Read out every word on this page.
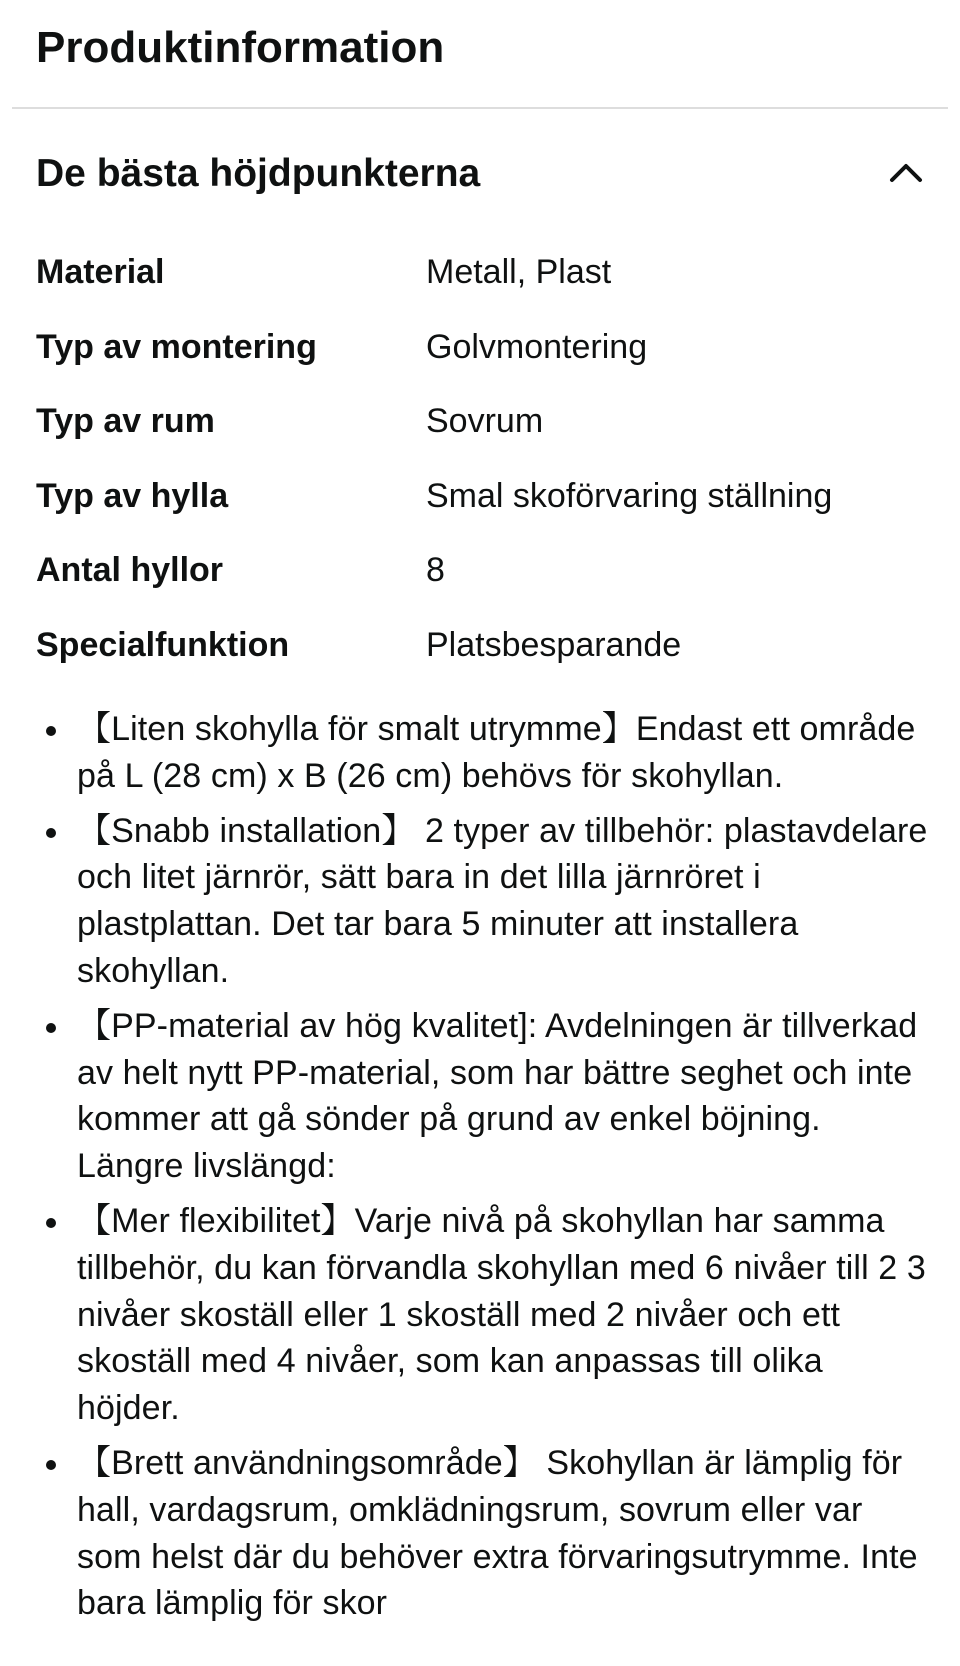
Produktinformation
De bästa höjdpunkterna
Material	Metall, Plast
Typ av montering	Golvmontering
Typ av rum	Sovrum
Typ av hylla	Smal skoförvaring ställning
Antal hyllor	8
Specialfunktion	Platsbesparande
【Liten skohylla för smalt utrymme】Endast ett område på L (28 cm) x B (26 cm) behövs för skohyllan.
【Snabb installation】 2 typer av tillbehör: plastavdelare och litet järnrör, sätt bara in det lilla järnröret i plastplattan. Det tar bara 5 minuter att installera skohyllan.
【PP-material av hög kvalitet]: Avdelningen är tillverkad av helt nytt PP-material, som har bättre seghet och inte kommer att gå sönder på grund av enkel böjning. Längre livslängd:
【Mer flexibilitet】Varje nivå på skohyllan har samma tillbehör, du kan förvandla skohyllan med 6 nivåer till 2 3 nivåer skoställ eller 1 skoställ med 2 nivåer och ett skoställ med 4 nivåer, som kan anpassas till olika höjder.
【Brett användningsområde】 Skohyllan är lämplig för hall, vardagsrum, omklädningsrum, sovrum eller var som helst där du behöver extra förvaringsutrymme. Inte bara lämplig för skor
